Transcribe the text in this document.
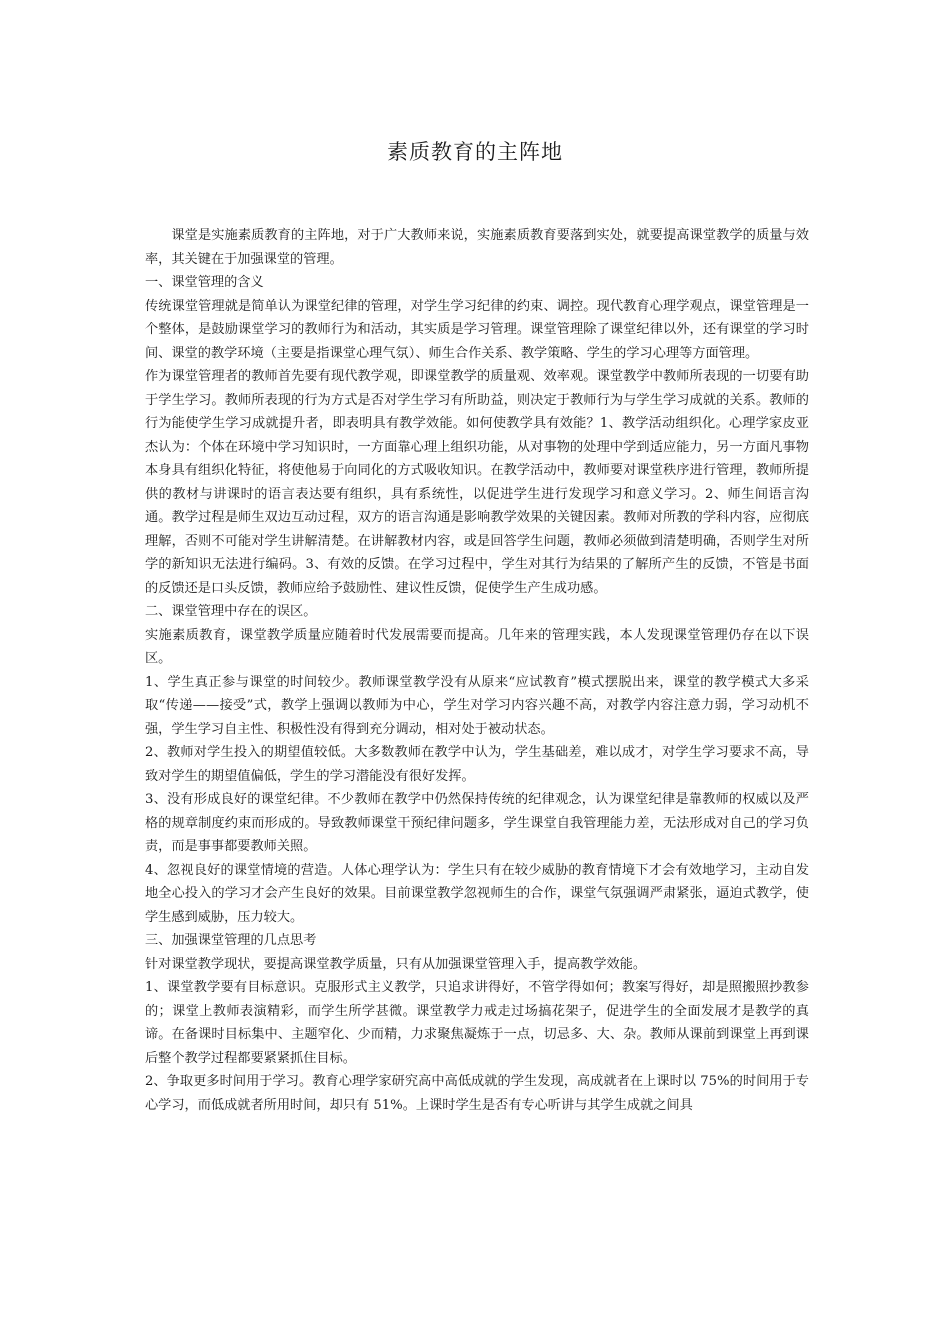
素质教育的主阵地

课堂是实施素质教育的主阵地，对于广大教师来说，实施素质教育要落到实处，就要提高课堂教学的质量与效率，其关键在于加强课堂的管理。

一、课堂管理的含义

传统课堂管理就是简单认为课堂纪律的管理，对学生学习纪律的约束、调控。现代教育心理学观点，课堂管理是一个整体，是鼓励课堂学习的教师行为和活动，其实质是学习管理。课堂管理除了课堂纪律以外，还有课堂的学习时间、课堂的教学环境（主要是指课堂心理气氛）、师生合作关系、教学策略、学生的学习心理等方面管理。

作为课堂管理者的教师首先要有现代教学观，即课堂教学的质量观、效率观。课堂教学中教师所表现的一切要有助于学生学习。教师所表现的行为方式是否对学生学习有所助益，则决定于教师行为与学生学习成就的关系。教师的行为能使学生学习成就提升者，即表明具有教学效能。如何使教学具有效能？1、教学活动组织化。心理学家皮亚杰认为：个体在环境中学习知识时，一方面靠心理上组织功能，从对事物的处理中学到适应能力，另一方面凡事物本身具有组织化特征，将使他易于向同化的方式吸收知识。在教学活动中，教师要对课堂秩序进行管理，教师所提供的教材与讲课时的语言表达要有组织，具有系统性，以促进学生进行发现学习和意义学习。2、师生间语言沟通。教学过程是师生双边互动过程，双方的语言沟通是影响教学效果的关键因素。教师对所教的学科内容，应彻底理解，否则不可能对学生讲解清楚。在讲解教材内容，或是回答学生问题，教师必须做到清楚明确，否则学生对所学的新知识无法进行编码。3、有效的反馈。在学习过程中，学生对其行为结果的了解所产生的反馈，不管是书面的反馈还是口头反馈，教师应给予鼓励性、建议性反馈，促使学生产生成功感。

二、课堂管理中存在的误区。

实施素质教育，课堂教学质量应随着时代发展需要而提高。几年来的管理实践，本人发现课堂管理仍存在以下误区。

1、学生真正参与课堂的时间较少。教师课堂教学没有从原来“应试教育”模式摆脱出来，课堂的教学模式大多采取“传递——接受”式，教学上强调以教师为中心，学生对学习内容兴趣不高，对教学内容注意力弱，学习动机不强，学生学习自主性、积极性没有得到充分调动，相对处于被动状态。

2、教师对学生投入的期望值较低。大多数教师在教学中认为，学生基础差，难以成才，对学生学习要求不高，导致对学生的期望值偏低，学生的学习潜能没有很好发挥。

3、没有形成良好的课堂纪律。不少教师在教学中仍然保持传统的纪律观念，认为课堂纪律是靠教师的权威以及严格的规章制度约束而形成的。导致教师课堂干预纪律问题多，学生课堂自我管理能力差，无法形成对自己的学习负责，而是事事都要教师关照。

4、忽视良好的课堂情境的营造。人体心理学认为：学生只有在较少威胁的教育情境下才会有效地学习，主动自发地全心投入的学习才会产生良好的效果。目前课堂教学忽视师生的合作，课堂气氛强调严肃紧张，逼迫式教学，使学生感到威胁，压力较大。

三、加强课堂管理的几点思考

针对课堂教学现状，要提高课堂教学质量，只有从加强课堂管理入手，提高教学效能。

1、课堂教学要有目标意识。克服形式主义教学，只追求讲得好，不管学得如何；教案写得好，却是照搬照抄教参的；课堂上教师表演精彩，而学生所学甚微。课堂教学力戒走过场搞花架子，促进学生的全面发展才是教学的真谛。在备课时目标集中、主题窄化、少而精，力求聚焦凝炼于一点，切忌多、大、杂。教师从课前到课堂上再到课后整个教学过程都要紧紧抓住目标。

2、争取更多时间用于学习。教育心理学家研究高中高低成就的学生发现，高成就者在上课时以 75%的时间用于专心学习，而低成就者所用时间，却只有 51%。上课时学生是否有专心听讲与其学生成就之间具
